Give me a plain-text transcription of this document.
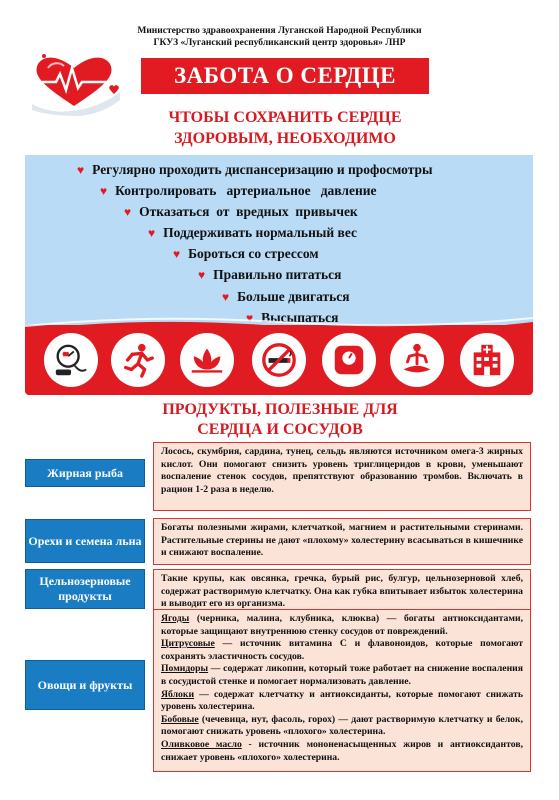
Министерство здравоохранения Луганской Народной Республики
ГКУЗ «Луганский республиканский центр здоровья» ЛНР
ЗАБОТА О СЕРДЦЕ
ЧТОБЫ СОХРАНИТЬ СЕРДЦЕ
ЗДОРОВЫМ, НЕОБХОДИМО
♥ Регулярно проходить диспансеризацию и профосмотры
♥ Контролировать   артериальное   давление
♥ Отказаться  от  вредных  привычек
♥ Поддерживать нормальный вес
♥ Бороться со стрессом
♥ Правильно питаться
♥ Больше двигаться
♥ Высыпаться
ПРОДУКТЫ, ПОЛЕЗНЫЕ ДЛЯ
СЕРДЦА И СОСУДОВ
Жирная рыба

Лосось, скумбрия, сардина, тунец, сельдь являются источником омега-3 жирных кислот. Они помогают снизить уровень триглицеридов в крови, уменьшают воспаление стенок сосудов, препятствуют образованию тромбов. Включать в рацион 1-2 раза в неделю.

Орехи и семена льна

Богаты полезными жирами, клетчаткой, магнием и растительными стеринами. Растительные стерины не дают «плохому» холестерину всасываться в кишечнике и снижают воспаление.

Цельнозерновые продукты

Такие крупы, как овсянка, гречка, бурый рис, булгур, цельнозерновой хлеб, содержат растворимую клетчатку. Она как губка впитывает избыток холестерина и выводит его из организма.

Овощи и фрукты

Ягоды (черника, малина, клубника, клюква) — богаты антиоксидантами, которые защищают внутреннюю стенку сосудов от повреждений.

Цитрусовые — источник витамина С и флавоноидов, которые помогают сохранять эластичность сосудов.

Помидоры — содержат ликопин, который тоже работает на снижение воспаления в сосудистой стенке и помогает нормализовать давление.

Яблоки — содержат клетчатку и антиоксиданты, которые помогают снижать уровень холестерина.

Бобовые (чечевица, нут, фасоль, горох) — дают растворимую клетчатку и белок, помогают снижать уровень «плохого» холестерина.

Оливковое масло - источник мононенасыщенных жиров и антиоксидантов, снижает уровень «плохого» холестерина.
